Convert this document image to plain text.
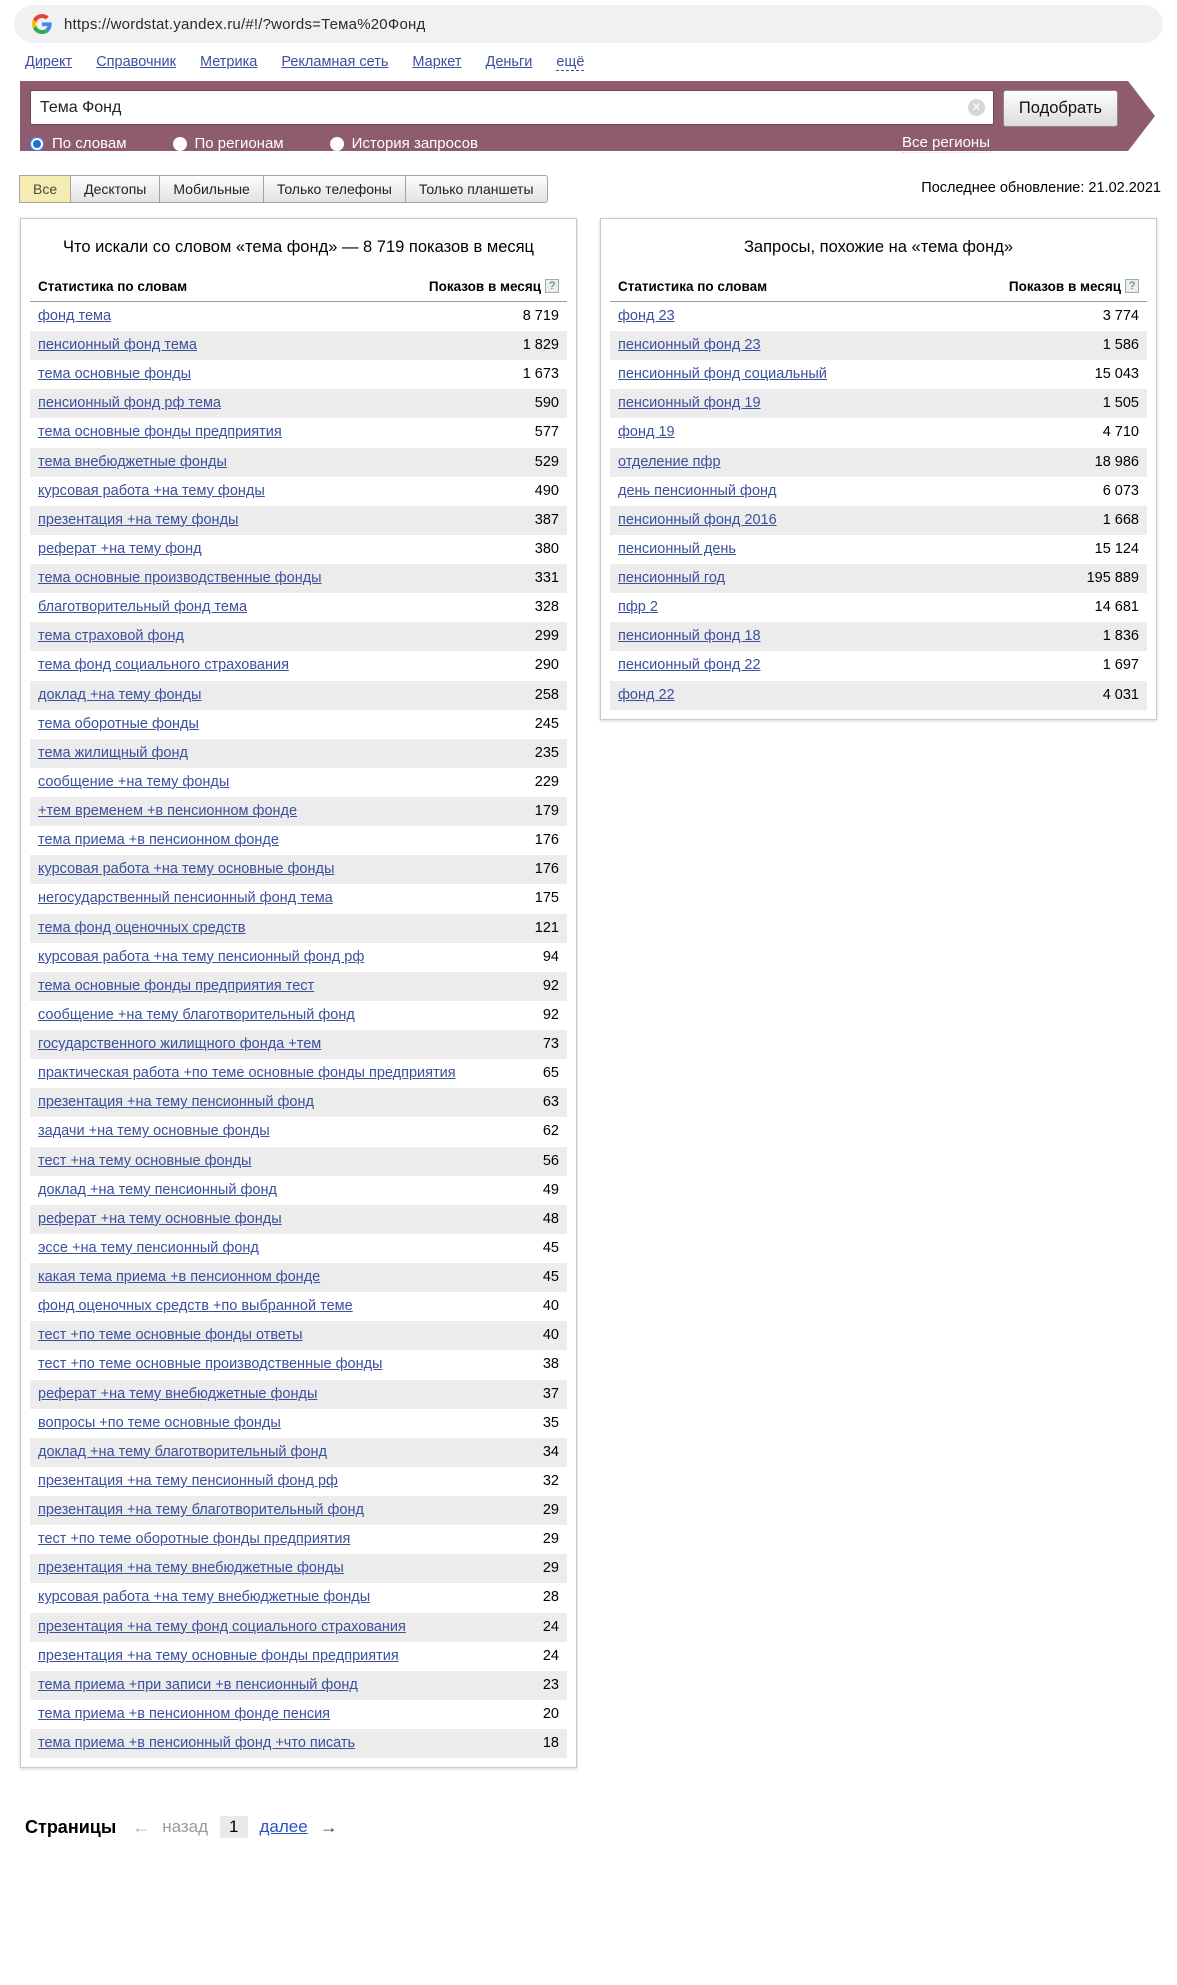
https://wordstat.yandex.ru/#!/?words=Тема%20Фонд
Директ Справочник Метрика Рекламная сеть Маркет Деньги ещё
Тема Фонд
✕	Подобрать
По словам	По регионам	История запросов	Все регионы
Все	Десктопы	Мобильные	Только телефоны	Только планшеты	Последнее обновление: 21.02.2021
Что искали со словом «тема фонд» — 8 719 показов в месяц
Статистика по словам	Показов в месяц ?
фонд тема	8 719
пенсионный фонд тема	1 829
тема основные фонды	1 673
пенсионный фонд рф тема	590
тема основные фонды предприятия	577
тема внебюджетные фонды	529
курсовая работа +на тему фонды	490
презентация +на тему фонды	387
реферат +на тему фонд	380
тема основные производственные фонды	331
благотворительный фонд тема	328
тема страховой фонд	299
тема фонд социального страхования	290
доклад +на тему фонды	258
тема оборотные фонды	245
тема жилищный фонд	235
сообщение +на тему фонды	229
+тем временем +в пенсионном фонде	179
тема приема +в пенсионном фонде	176
курсовая работа +на тему основные фонды	176
негосударственный пенсионный фонд тема	175
тема фонд оценочных средств	121
курсовая работа +на тему пенсионный фонд рф	94
тема основные фонды предприятия тест	92
сообщение +на тему благотворительный фонд	92
государственного жилищного фонда +тем	73
практическая работа +по теме основные фонды предприятия	65
презентация +на тему пенсионный фонд	63
задачи +на тему основные фонды	62
тест +на тему основные фонды	56
доклад +на тему пенсионный фонд	49
реферат +на тему основные фонды	48
эссе +на тему пенсионный фонд	45
какая тема приема +в пенсионном фонде	45
фонд оценочных средств +по выбранной теме	40
тест +по теме основные фонды ответы	40
тест +по теме основные производственные фонды	38
реферат +на тему внебюджетные фонды	37
вопросы +по теме основные фонды	35
доклад +на тему благотворительный фонд	34
презентация +на тему пенсионный фонд рф	32
презентация +на тему благотворительный фонд	29
тест +по теме оборотные фонды предприятия	29
презентация +на тему внебюджетные фонды	29
курсовая работа +на тему внебюджетные фонды	28
презентация +на тему фонд социального страхования	24
презентация +на тему основные фонды предприятия	24
тема приема +при записи +в пенсионный фонд	23
тема приема +в пенсионном фонде пенсия	20
тема приема +в пенсионный фонд +что писать	18
Запросы, похожие на «тема фонд»
Статистика по словам	Показов в месяц ?
фонд 23	3 774
пенсионный фонд 23	1 586
пенсионный фонд социальный	15 043
пенсионный фонд 19	1 505
фонд 19	4 710
отделение пфр	18 986
день пенсионный фонд	6 073
пенсионный фонд 2016	1 668
пенсионный день	15 124
пенсионный год	195 889
пфр 2	14 681
пенсионный фонд 18	1 836
пенсионный фонд 22	1 697
фонд 22	4 031
Страницы ← назад	1	далее →
